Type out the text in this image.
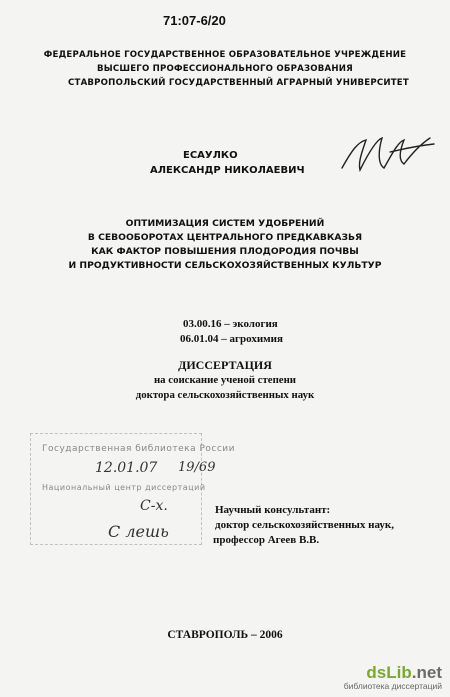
71:07-6/20
ФЕДЕРАЛЬНОЕ ГОСУДАРСТВЕННОЕ ОБРАЗОВАТЕЛЬНОЕ УЧРЕЖДЕНИЕ
ВЫСШЕГО ПРОФЕССИОНАЛЬНОГО ОБРАЗОВАНИЯ
СТАВРОПОЛЬСКИЙ ГОСУДАРСТВЕННЫЙ АГРАРНЫЙ УНИВЕРСИТЕТ
ЕСАУЛКО
АЛЕКСАНДР НИКОЛАЕВИЧ
ОПТИМИЗАЦИЯ СИСТЕМ УДОБРЕНИЙ
В СЕВООБОРОТАХ ЦЕНТРАЛЬНОГО ПРЕДКАВКАЗЬЯ
КАК ФАКТОР ПОВЫШЕНИЯ ПЛОДОРОДИЯ ПОЧВЫ
И ПРОДУКТИВНОСТИ СЕЛЬСКОХОЗЯЙСТВЕННЫХ КУЛЬТУР
03.00.16 – экология
06.01.04 – агрохимия
ДИССЕРТАЦИЯ
на соискание ученой степени
доктора сельскохозяйственных наук
Государственная библиотека России
12.01.07 19/69
Национальный центр диссертаций
С-х.
С лешь
Научный консультант:
доктор сельскохозяйственных наук,
профессор Агеев В.В.
СТАВРОПОЛЬ – 2006
dsLib.net
библиотека диссертаций
